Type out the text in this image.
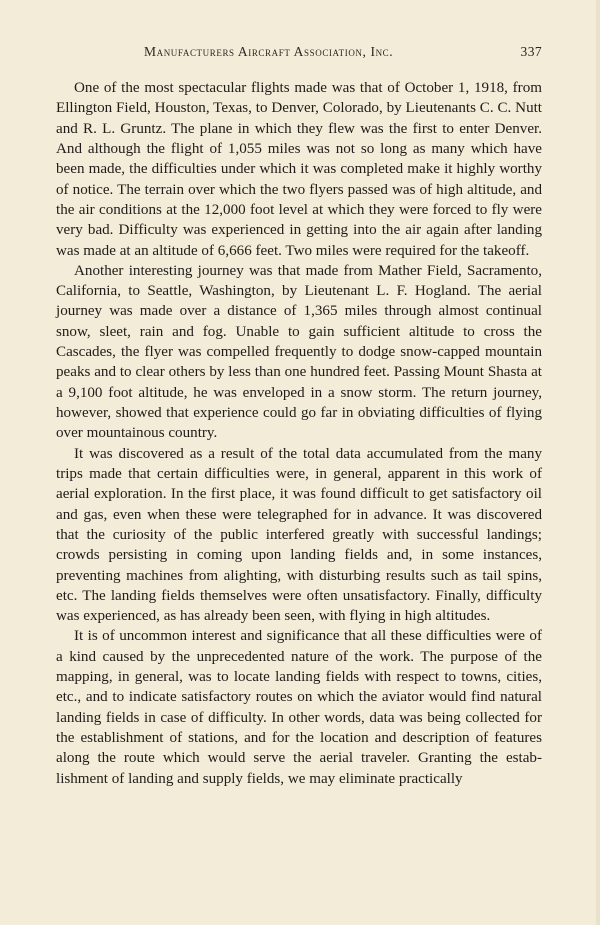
Manufacturers Aircraft Association, Inc.	337

One of the most spectacular flights made was that of October 1, 1918, from Ellington Field, Houston, Texas, to Denver, Colorado, by Lieutenants C. C. Nutt and R. L. Gruntz. The plane in which they flew was the first to enter Denver. And although the flight of 1,055 miles was not so long as many which have been made, the difficulties under which it was completed make it highly worthy of notice. The terrain over which the two flyers passed was of high altitude, and the air conditions at the 12,000 foot level at which they were forced to fly were very bad. Difficulty was experienced in getting into the air again after landing was made at an altitude of 6,666 feet. Two miles were required for the takeoff.

Another interesting journey was that made from Mather Field, Sacramento, California, to Seattle, Washington, by Lieutenant L. F. Hogland. The aerial journey was made over a distance of 1,365 miles through almost continual snow, sleet, rain and fog. Unable to gain sufficient altitude to cross the Cascades, the flyer was compelled frequently to dodge snow-capped mountain peaks and to clear others by less than one hundred feet. Passing Mount Shasta at a 9,100 foot altitude, he was enveloped in a snow storm. The return journey, however, showed that experience could go far in obviating difficulties of flying over mountainous country.

It was discovered as a result of the total data accumulated from the many trips made that certain difficulties were, in general, apparent in this work of aerial exploration. In the first place, it was found difficult to get satisfactory oil and gas, even when these were telegraphed for in advance. It was discovered that the curiosity of the public interfered greatly with successful landings; crowds persisting in coming upon landing fields and, in some instances, preventing machines from alighting, with disturbing results such as tail spins, etc. The landing fields themselves were often unsatisfactory. Finally, difficulty was experienced, as has already been seen, with flying in high altitudes.

It is of uncommon interest and significance that all these difficulties were of a kind caused by the unprecedented nature of the work. The purpose of the mapping, in general, was to locate landing fields with respect to towns, cities, etc., and to indicate satisfactory routes on which the aviator would find natural landing fields in case of difficulty. In other words, data was being collected for the establishment of stations, and for the location and description of features along the route which would serve the aerial traveler. Granting the establishment of landing and supply fields, we may eliminate practically
